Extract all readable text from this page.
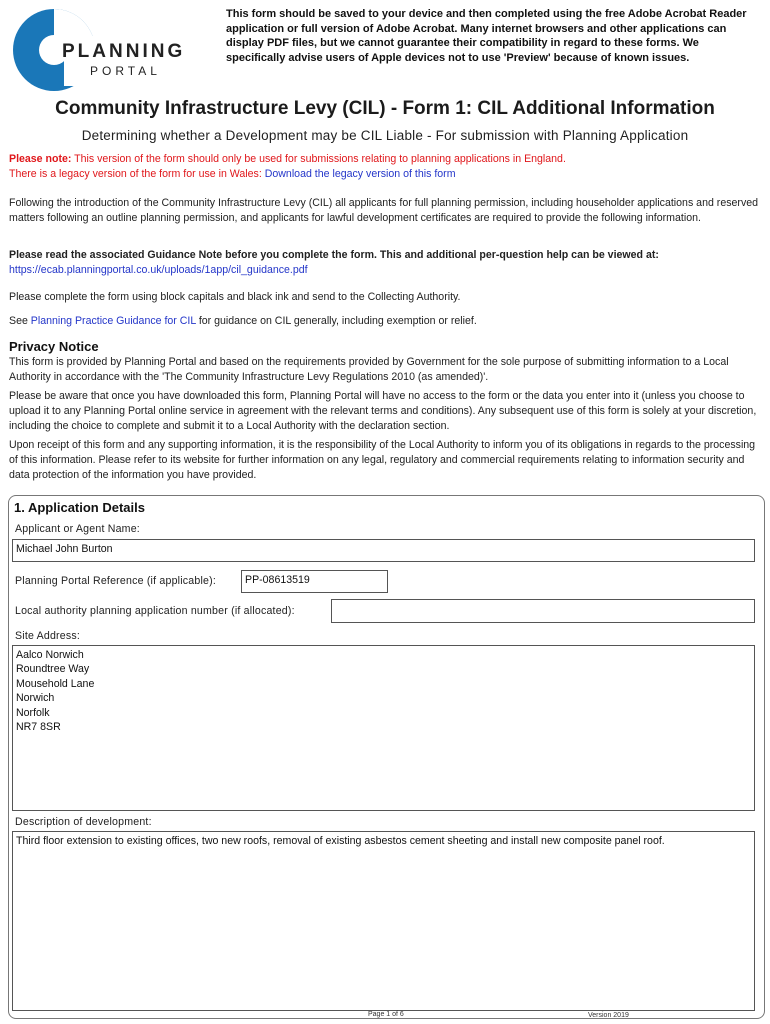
PLANNING
PORTAL
This form should be saved to your device and then completed using the free Adobe Acrobat Reader application or full version of Adobe Acrobat. Many internet browsers and other applications can display PDF files, but we cannot guarantee their compatibility in regard to these forms. We specifically advise users of Apple devices not to use 'Preview' because of known issues.
Community Infrastructure Levy (CIL) - Form 1: CIL Additional Information
Determining whether a Development may be CIL Liable - For submission with Planning Application
Please note: This version of the form should only be used for submissions relating to planning applications in England.
There is a legacy version of the form for use in Wales: Download the legacy version of this form
Following the introduction of the Community Infrastructure Levy (CIL) all applicants for full planning permission, including householder applications and reserved matters following an outline planning permission, and applicants for lawful development certificates are required to provide the following information.
Please read the associated Guidance Note before you complete the form. This and additional per-question help can be viewed at:
https://ecab.planningportal.co.uk/uploads/1app/cil_guidance.pdf
Please complete the form using block capitals and black ink and send to the Collecting Authority.
See Planning Practice Guidance for CIL for guidance on CIL generally, including exemption or relief.
Privacy Notice
This form is provided by Planning Portal and based on the requirements provided by Government for the sole purpose of submitting information to a Local Authority in accordance with the 'The Community Infrastructure Levy Regulations 2010 (as amended)'.
Please be aware that once you have downloaded this form, Planning Portal will have no access to the form or the data you enter into it (unless you choose to upload it to any Planning Portal online service in agreement with the relevant terms and conditions). Any subsequent use of this form is solely at your discretion, including the choice to complete and submit it to a Local Authority with the declaration section.
Upon receipt of this form and any supporting information, it is the responsibility of the Local Authority to inform you of its obligations in regards to the processing of this information. Please refer to its website for further information on any legal, regulatory and commercial requirements relating to information security and data protection of the information you have provided.
1. Application Details
Applicant or Agent Name:
Michael John Burton
Planning Portal Reference (if applicable):	PP-08613519
Local authority planning application number (if allocated):
Site Address:
Aalco Norwich
Roundtree Way
Mousehold Lane
Norwich
Norfolk
NR7 8SR
Description of development:
Third floor extension to existing offices, two new roofs, removal of existing asbestos cement sheeting and install new composite panel roof.
Page 1 of 6	Version 2019
